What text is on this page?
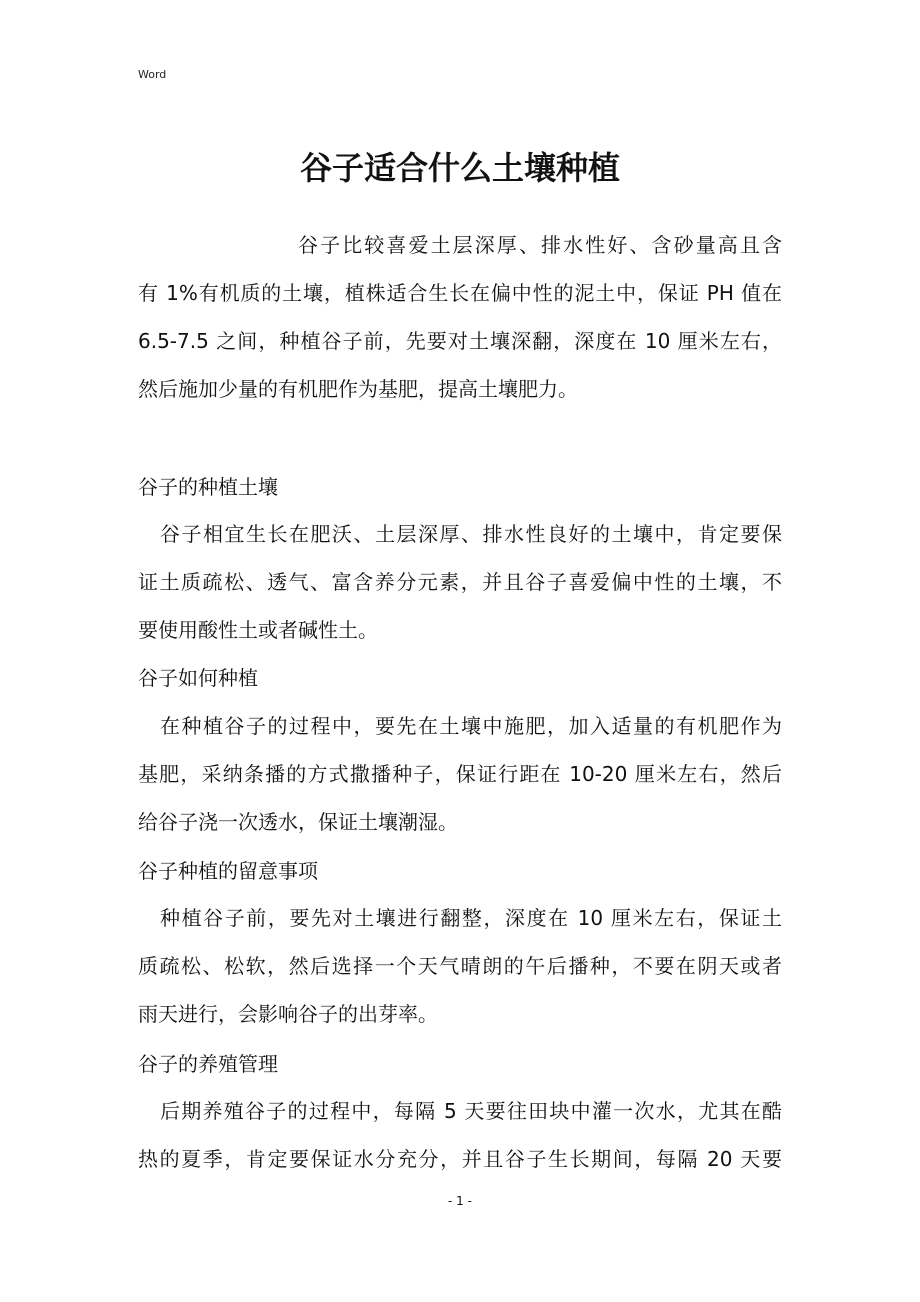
Word
谷子适合什么土壤种植
谷子比较喜爱土层深厚、排水性好、含砂量高且含
有 1%有机质的土壤，植株适合生长在偏中性的泥土中，保证 PH 值在
6.5-7.5 之间，种植谷子前，先要对土壤深翻，深度在 10 厘米左右，
然后施加少量的有机肥作为基肥，提高土壤肥力。
谷子的种植土壤
谷子相宜生长在肥沃、土层深厚、排水性良好的土壤中，肯定要保
证土质疏松、透气、富含养分元素，并且谷子喜爱偏中性的土壤，不
要使用酸性土或者碱性土。
谷子如何种植
在种植谷子的过程中，要先在土壤中施肥，加入适量的有机肥作为
基肥，采纳条播的方式撒播种子，保证行距在 10-20 厘米左右，然后
给谷子浇一次透水，保证土壤潮湿。
谷子种植的留意事项
种植谷子前，要先对土壤进行翻整，深度在 10 厘米左右，保证土
质疏松、松软，然后选择一个天气晴朗的午后播种，不要在阴天或者
雨天进行，会影响谷子的出芽率。
谷子的养殖管理
后期养殖谷子的过程中，每隔 5 天要往田块中灌一次水，尤其在酷
热的夏季，肯定要保证水分充分，并且谷子生长期间，每隔 20 天要
- 1 -
